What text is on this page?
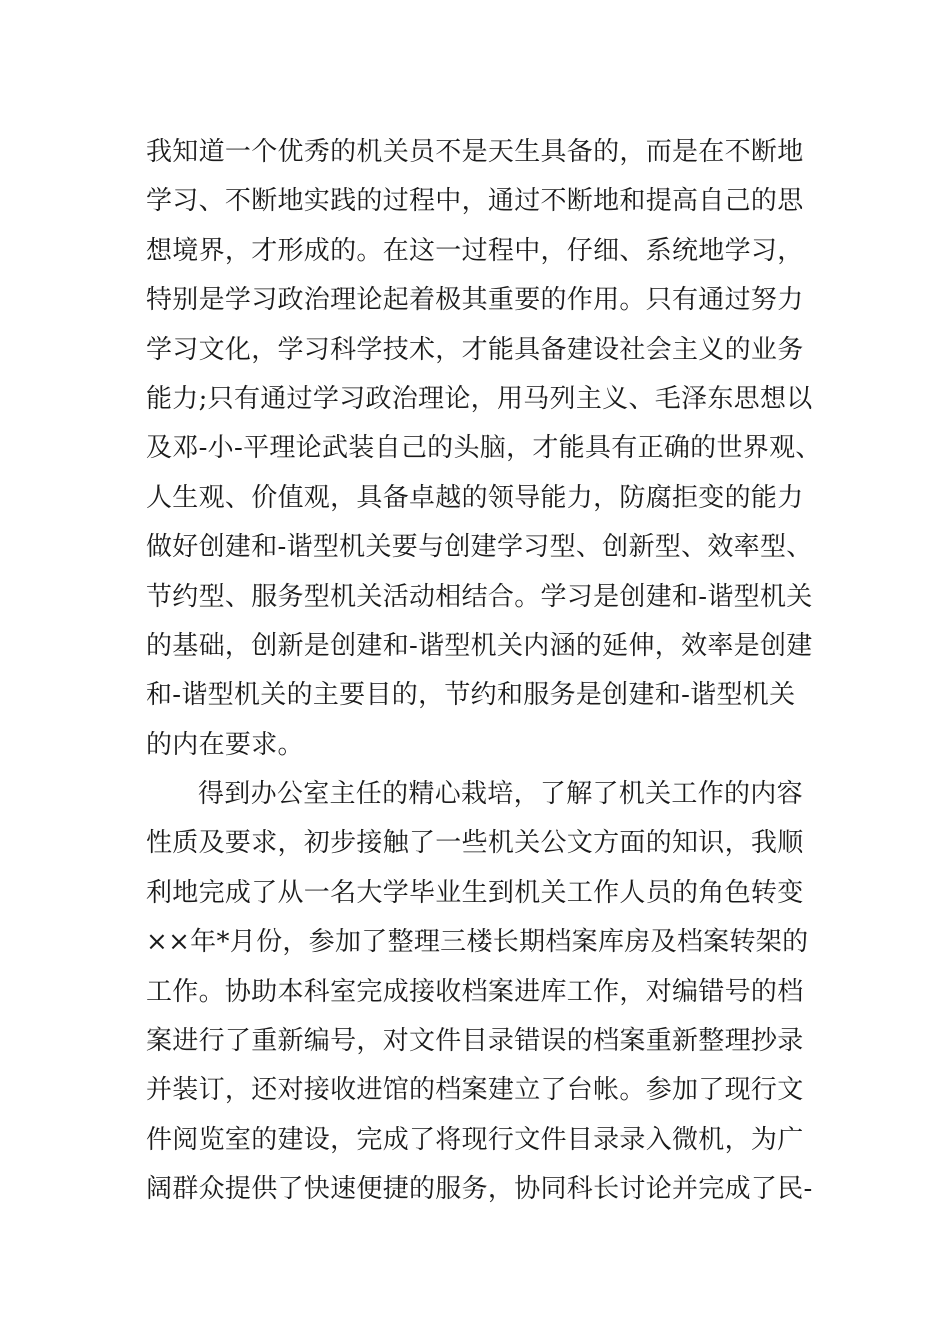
我知道一个优秀的机关员不是天生具备的，而是在不断地
学习、不断地实践的过程中，通过不断地和提高自己的思
想境界，才形成的。在这一过程中，仔细、系统地学习，
特别是学习政治理论起着极其重要的作用。只有通过努力
学习文化，学习科学技术，才能具备建设社会主义的业务
能力;只有通过学习政治理论，用马列主义、毛泽东思想以
及邓-小-平理论武装自己的头脑，才能具有正确的世界观、
人生观、价值观，具备卓越的领导能力，防腐拒变的能力
做好创建和-谐型机关要与创建学习型、创新型、效率型、
节约型、服务型机关活动相结合。学习是创建和-谐型机关
的基础，创新是创建和-谐型机关内涵的延伸，效率是创建
和-谐型机关的主要目的，节约和服务是创建和-谐型机关
的内在要求。
得到办公室主任的精心栽培，了解了机关工作的内容
性质及要求，初步接触了一些机关公文方面的知识，我顺
利地完成了从一名大学毕业生到机关工作人员的角色转变
××年*月份，参加了整理三楼长期档案库房及档案转架的
工作。协助本科室完成接收档案进库工作，对编错号的档
案进行了重新编号，对文件目录错误的档案重新整理抄录
并装订，还对接收进馆的档案建立了台帐。参加了现行文
件阅览室的建设，完成了将现行文件目录录入微机，为广
阔群众提供了快速便捷的服务，协同科长讨论并完成了民-
